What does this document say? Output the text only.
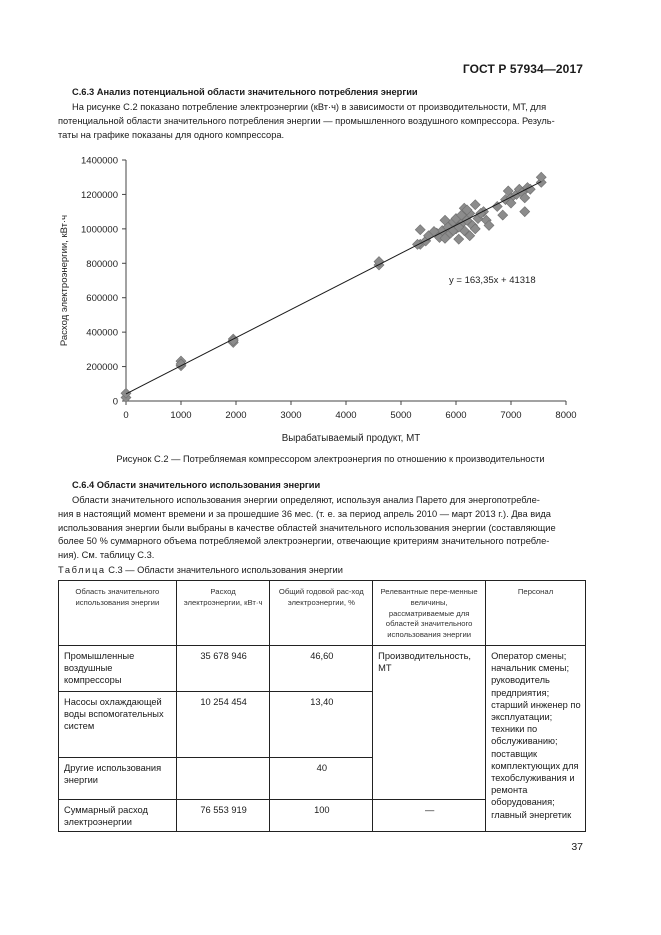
ГОСТ Р 57934—2017
С.6.3 Анализ потенциальной области значительного потребления энергии
На рисунке С.2 показано потребление электроэнергии (кВт·ч) в зависимости от производительности, МТ, для
потенциальной области значительного потребления энергии — промышленного воздушного компрессора. Резуль-
таты на графике показаны для одного компрессора.
0	1000	2000	3000	4000	5000	6000	7000	8000
0
200000
400000
600000
800000
1000000
1200000
1400000
Вырабатываемый продукт, МТ
Расход электроэнергии, кВт·ч	y = 163,35x + 41318
Рисунок С.2 — Потребляемая компрессором электроэнергия по отношению к производительности
С.6.4 Области значительного использования энергии
Области значительного использования энергии определяют, используя анализ Парето для энергопотребле-
ния в настоящий момент времени и за прошедшие 36 мес. (т. е. за период апрель 2010 — март 2013 г.). Два вида
использования энергии были выбраны в качестве областей значительного использования энергии (составляющие
более 50 % суммарного объема потребляемой электроэнергии, отвечающие критериям значительного потребле-
ния). См. таблицу С.3.
Таблица С.3 — Области значительного использования энергии
Область значительного использования энергии	Расход электроэнергии, кВт·ч	Общий годовой рас-ход электроэнергии, %	Релевантные пере-менные величины, рассматриваемые для областей значительного использования энергии	Персонал
Промышленные воздушные компрессоры	35 678 946	46,60	Производительность, МТ	Оператор смены; начальник смены; руководитель предприятия; старший инженер по эксплуатации; техники по обслуживанию; поставщик комплектующих для техобслуживания и ремонта оборудования; главный энергетик
Насосы охлаждающей воды вспомогательных систем	10 254 454	13,40		
Другие использования энергии		40		
Суммарный расход электроэнергии	76 553 919	100	—	
37
